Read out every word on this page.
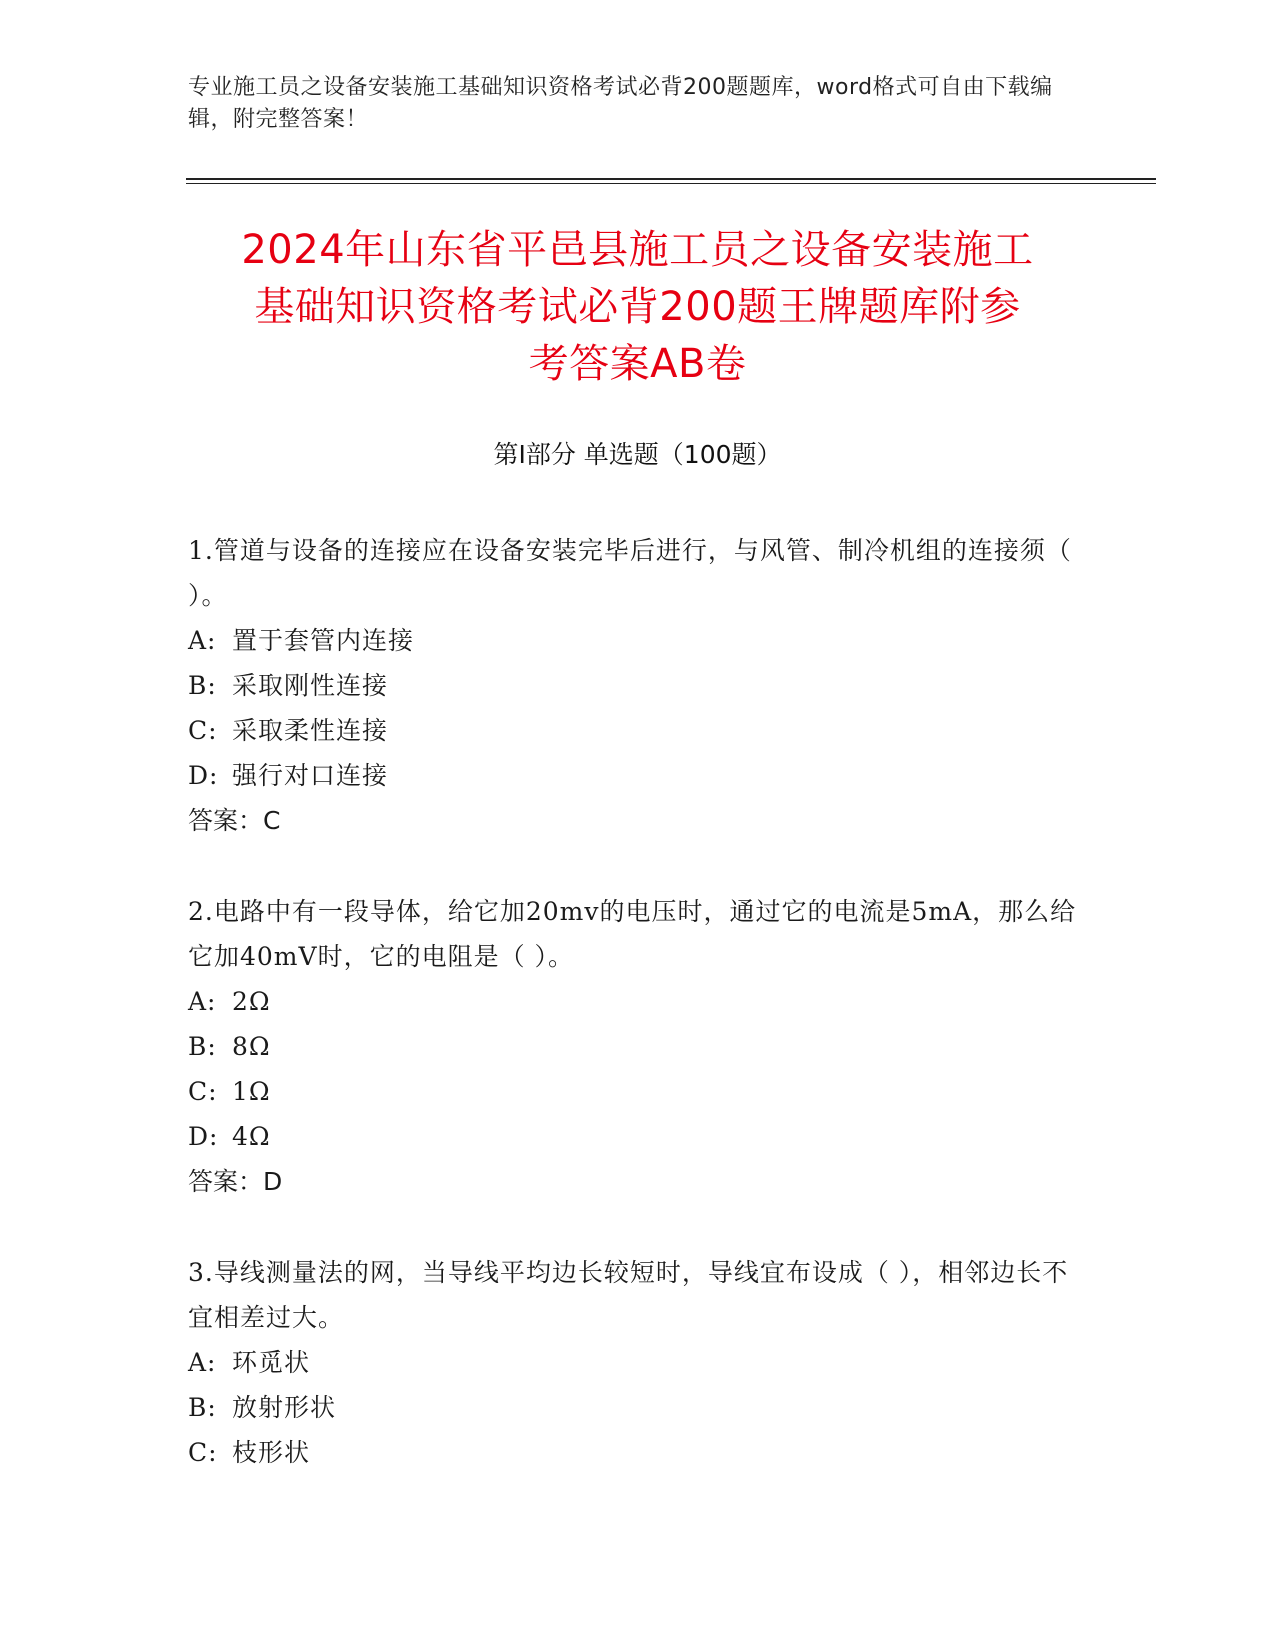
专业施工员之设备安装施工基础知识资格考试必背200题题库，word格式可自由下载编辑，附完整答案！
2024年山东省平邑县施工员之设备安装施工
基础知识资格考试必背200题王牌题库附参
考答案AB卷
第I部分 单选题（100题）

1.管道与设备的连接应在设备安装完毕后进行，与风管、制冷机组的连接须（ ）。

A: 置于套管内连接

B: 采取刚性连接

C: 采取柔性连接

D: 强行对口连接

答案：C

2.电路中有一段导体，给它加20mv的电压时，通过它的电流是5mA，那么给它加40mV时，它的电阻是（ ）。

A: 2Ω

B: 8Ω

C: 1Ω

D: 4Ω

答案：D

3.导线测量法的网，当导线平均边长较短时，导线宜布设成（ ），相邻边长不宜相差过大。

A: 环觅状

B: 放射形状

C: 枝形状
